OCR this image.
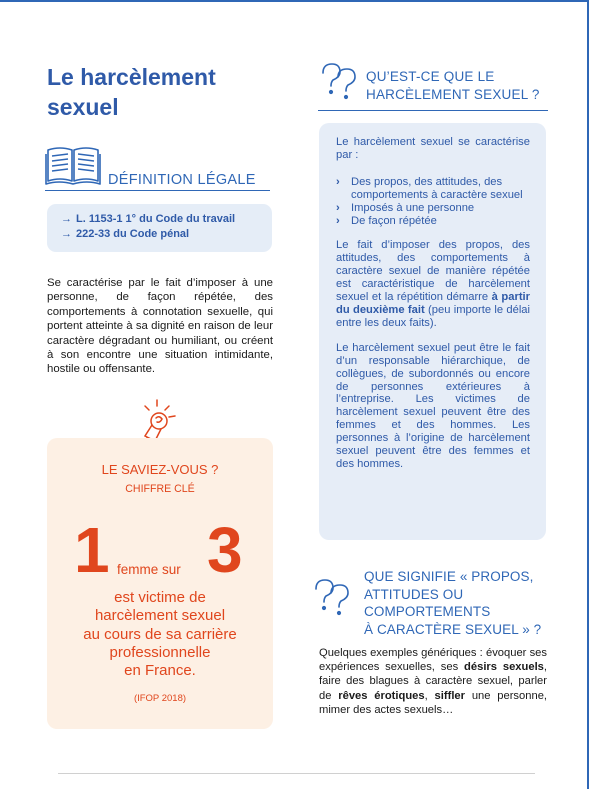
Le harcèlement sexuel
DÉFINITION LÉGALE
→ L. 1153-1 1° du Code du travail
→ 222-33 du Code pénal
Se caractérise par le fait d’imposer à une personne, de façon répétée, des comportements à connotation sexuelle, qui portent atteinte à sa dignité en raison de leur caractère dégradant ou humiliant, ou créent à son encontre une situation intimidante, hostile ou offensante.
LE SAVIEZ-VOUS ?
CHIFFRE CLÉ
1 femme sur 3
est victime de
harcèlement sexuel
au cours de sa carrière
professionnelle
en France.
(IFOP 2018)
QU’EST-CE QUE LE HARCÈLEMENT SEXUEL ?

Le harcèlement sexuel se caractérise par :

› Des propos, des attitudes, des comportements à caractère sexuel
› Imposés à une personne
› De façon répétée

Le fait d’imposer des propos, des attitudes, des comportements à caractère sexuel de manière répétée est caractéristique de harcèlement sexuel et la répétition démarre à partir du deuxième fait (peu importe le délai entre les deux faits).

Le harcèlement sexuel peut être le fait d’un responsable hiérarchique, de collègues, de subordonnés ou encore de personnes extérieures à l’entreprise. Les victimes de harcèlement sexuel peuvent être des femmes et des hommes. Les personnes à l’origine de harcèlement sexuel peuvent être des femmes et des hommes.

QUE SIGNIFIE « PROPOS,
ATTITUDES OU
COMPORTEMENTS
À CARACTÈRE SEXUEL » ?
Quelques exemples génériques : évoquer ses expériences sexuelles, ses désirs sexuels, faire des blagues à caractère sexuel, parler de rêves érotiques, siffler une personne, mimer des actes sexuels…
